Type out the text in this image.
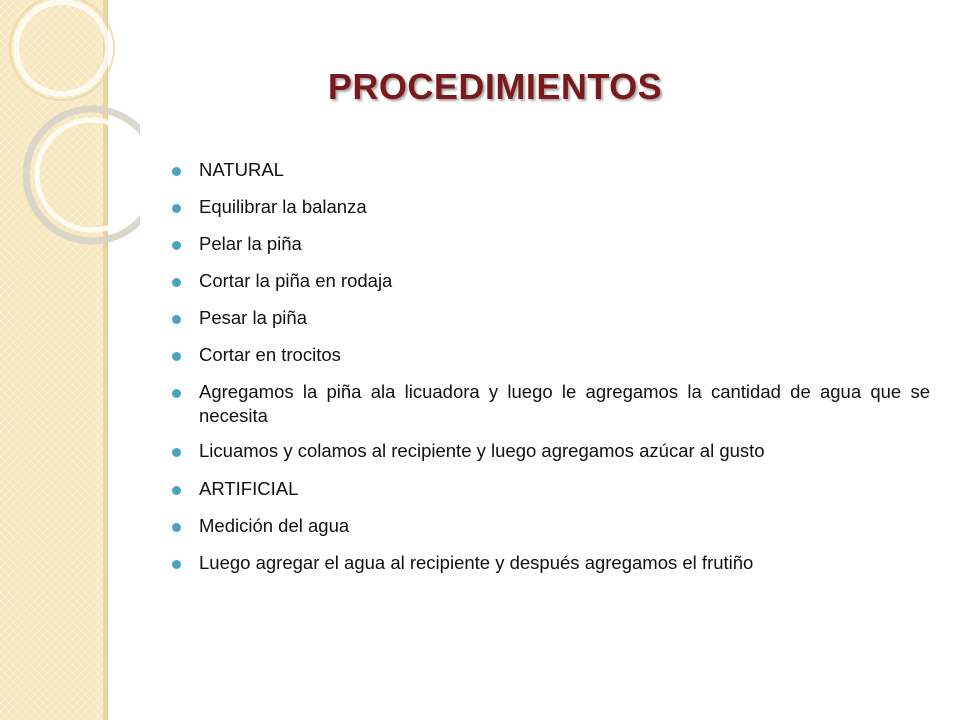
PROCEDIMIENTOS
NATURAL
Equilibrar la balanza
Pelar la piña
Cortar la piña en rodaja
Pesar la piña
Cortar en trocitos
Agregamos la piña ala licuadora y luego le agregamos la cantidad de agua que se necesita
Licuamos y colamos al recipiente y luego agregamos azúcar al gusto
ARTIFICIAL
Medición del agua
Luego agregar el agua al recipiente y después agregamos el frutiño
